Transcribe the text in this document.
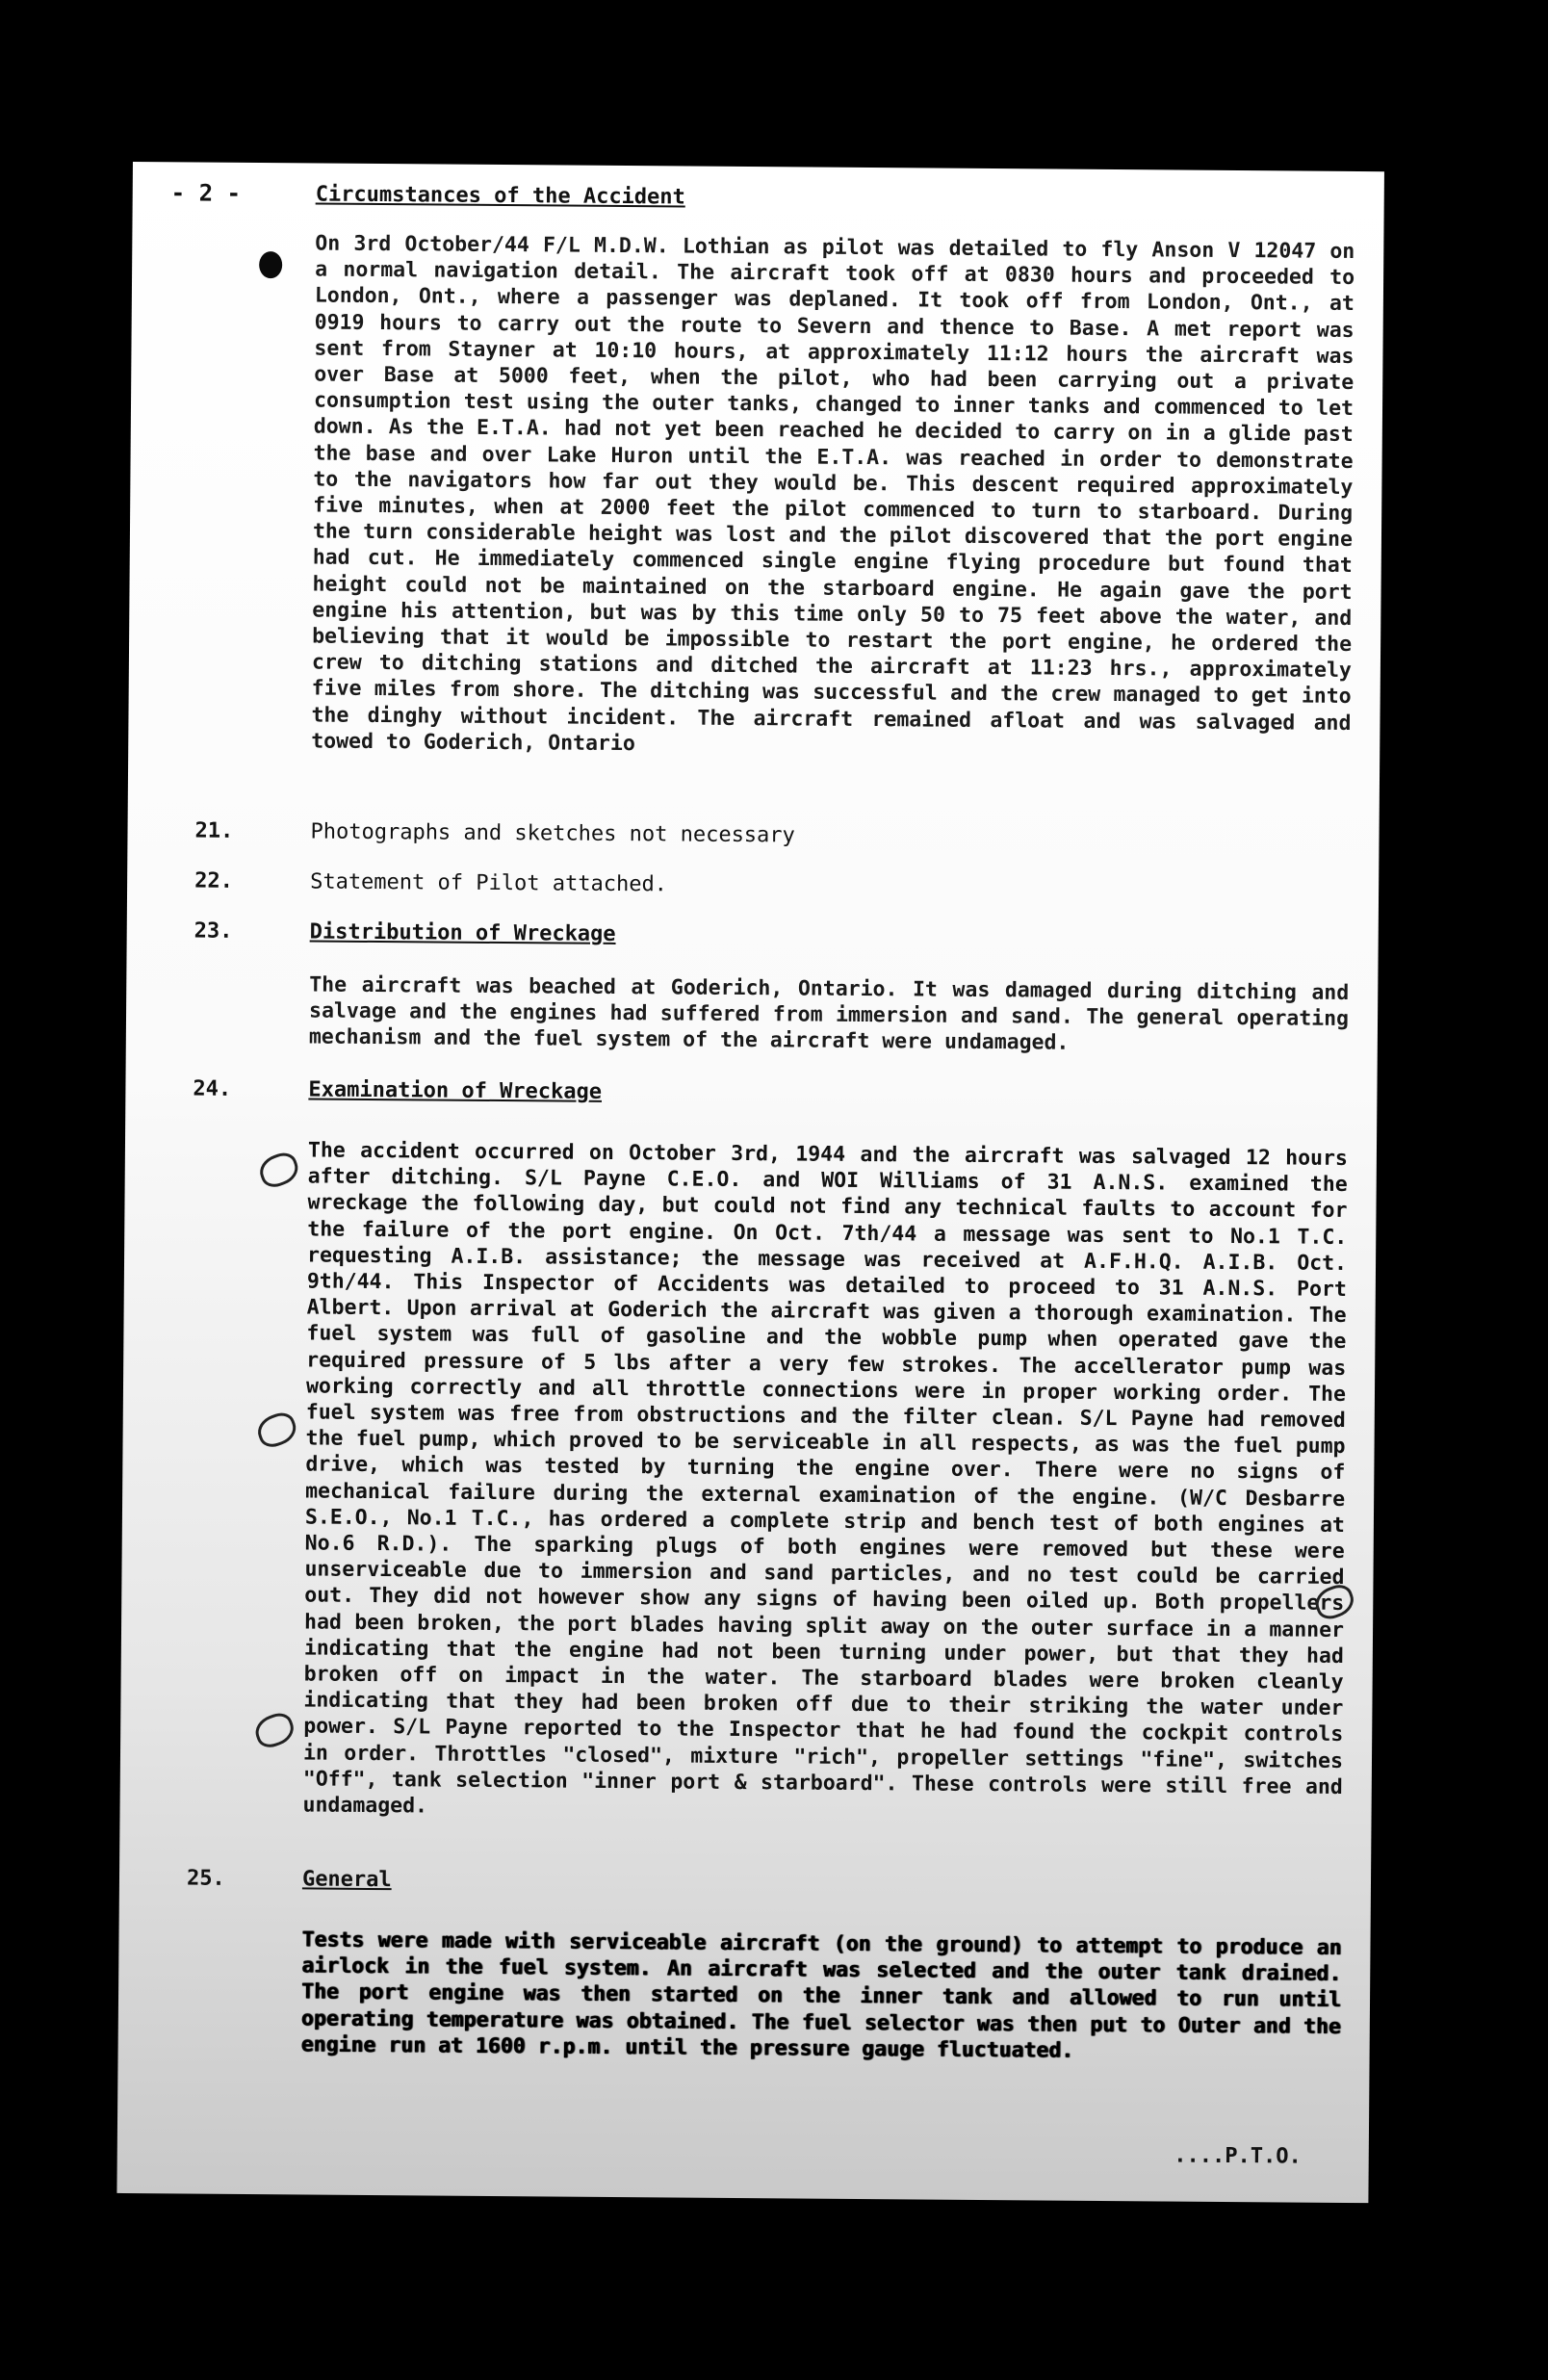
- 2 -	Circumstances of the Accident
On 3rd October/44 F/L M.D.W. Lothian as pilot was detailed to fly Anson V 12047 on a normal navigation detail. The aircraft took off at 0830 hours and proceeded to London, Ont., where a passenger was deplaned. It took off from London, Ont., at 0919 hours to carry out the route to Severn and thence to Base. A met report was sent from Stayner at 10:10 hours, at approximately 11:12 hours the aircraft was over Base at 5000 feet, when the pilot, who had been carrying out a private consumption test using the outer tanks, changed to inner tanks and commenced to let down. As the E.T.A. had not yet been reached he decided to carry on in a glide past the base and over Lake Huron until the E.T.A. was reached in order to demonstrate to the navigators how far out they would be. This descent required approximately five minutes, when at 2000 feet the pilot commenced to turn to starboard. During the turn considerable height was lost and the pilot discovered that the port engine had cut. He immediately commenced single engine flying procedure but found that height could not be maintained on the starboard engine. He again gave the port engine his attention, but was by this time only 50 to 75 feet above the water, and believing that it would be impossible to restart the port engine, he ordered the crew to ditching stations and ditched the aircraft at 11:23 hrs., approximately five miles from shore. The ditching was successful and the crew managed to get into the dinghy without incident. The aircraft remained afloat and was salvaged and towed to Goderich, Ontario
21.	Photographs and sketches not necessary
22.	Statement of Pilot attached.
23.	Distribution of Wreckage
The aircraft was beached at Goderich, Ontario. It was damaged during ditching and salvage and the engines had suffered from immersion and sand. The general operating mechanism and the fuel system of the aircraft were undamaged.
24.	Examination of Wreckage
The accident occurred on October 3rd, 1944 and the aircraft was salvaged 12 hours after ditching. S/L Payne C.E.O. and WOI Williams of 31 A.N.S. examined the wreckage the following day, but could not find any technical faults to account for the failure of the port engine. On Oct. 7th/44 a message was sent to No.1 T.C. requesting A.I.B. assistance; the message was received at A.F.H.Q. A.I.B. Oct. 9th/44. This Inspector of Accidents was detailed to proceed to 31 A.N.S. Port Albert. Upon arrival at Goderich the aircraft was given a thorough examination. The fuel system was full of gasoline and the wobble pump when operated gave the required pressure of 5 lbs after a very few strokes. The accellerator pump was working correctly and all throttle connections were in proper working order. The fuel system was free from obstructions and the filter clean. S/L Payne had removed the fuel pump, which proved to be serviceable in all respects, as was the fuel pump drive, which was tested by turning the engine over. There were no signs of mechanical failure during the external examination of the engine. (W/C Desbarre S.E.O., No.1 T.C., has ordered a complete strip and bench test of both engines at No.6 R.D.). The sparking plugs of both engines were removed but these were unserviceable due to immersion and sand particles, and no test could be carried out. They did not however show any signs of having been oiled up. Both propellers had been broken, the port blades having split away on the outer surface in a manner indicating that the engine had not been turning under power, but that they had broken off on impact in the water. The starboard blades were broken cleanly indicating that they had been broken off due to their striking the water under power. S/L Payne reported to the Inspector that he had found the cockpit controls in order. Throttles "closed", mixture "rich", propeller settings "fine", switches "Off", tank selection "inner port & starboard". These controls were still free and undamaged.
25.	General
Tests were made with serviceable aircraft (on the ground) to attempt to produce an airlock in the fuel system. An aircraft was selected and the outer tank drained. The port engine was then started on the inner tank and allowed to run until operating temperature was obtained. The fuel selector was then put to Outer and the engine run at 1600 r.p.m. until the pressure gauge fluctuated.
....P.T.O.
